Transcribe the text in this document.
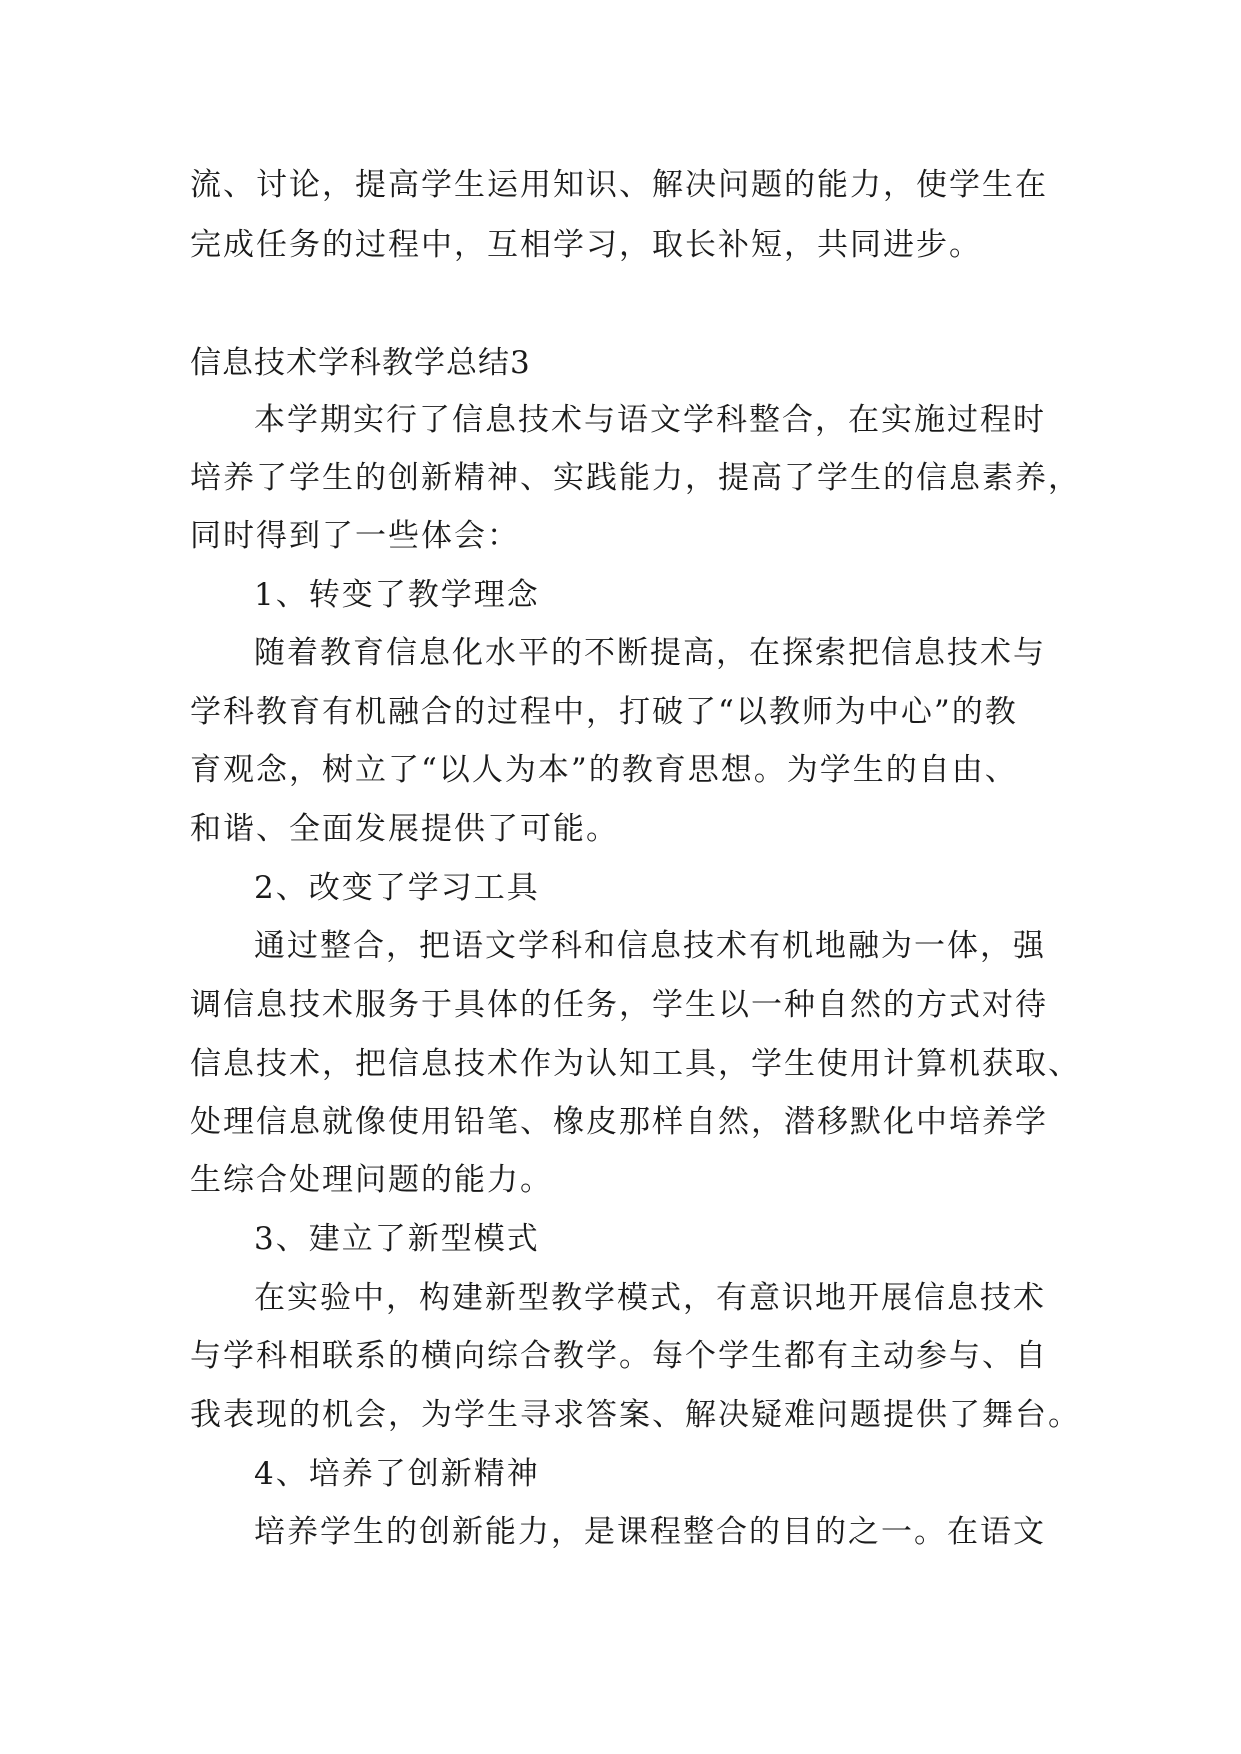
流、讨论，提高学生运用知识、解决问题的能力，使学生在
完成任务的过程中，互相学习，取长补短，共同进步。
信息技术学科教学总结3
本学期实行了信息技术与语文学科整合，在实施过程时
培养了学生的创新精神、实践能力，提高了学生的信息素养，
同时得到了一些体会：
1、转变了教学理念
随着教育信息化水平的不断提高，在探索把信息技术与
学科教育有机融合的过程中，打破了“以教师为中心”的教
育观念，树立了“以人为本”的教育思想。为学生的自由、
和谐、全面发展提供了可能。
2、改变了学习工具
通过整合，把语文学科和信息技术有机地融为一体，强
调信息技术服务于具体的任务，学生以一种自然的方式对待
信息技术，把信息技术作为认知工具，学生使用计算机获取、
处理信息就像使用铅笔、橡皮那样自然，潜移默化中培养学
生综合处理问题的能力。
3、建立了新型模式
在实验中，构建新型教学模式，有意识地开展信息技术
与学科相联系的横向综合教学。每个学生都有主动参与、自
我表现的机会，为学生寻求答案、解决疑难问题提供了舞台。
4、培养了创新精神
培养学生的创新能力，是课程整合的目的之一。在语文
